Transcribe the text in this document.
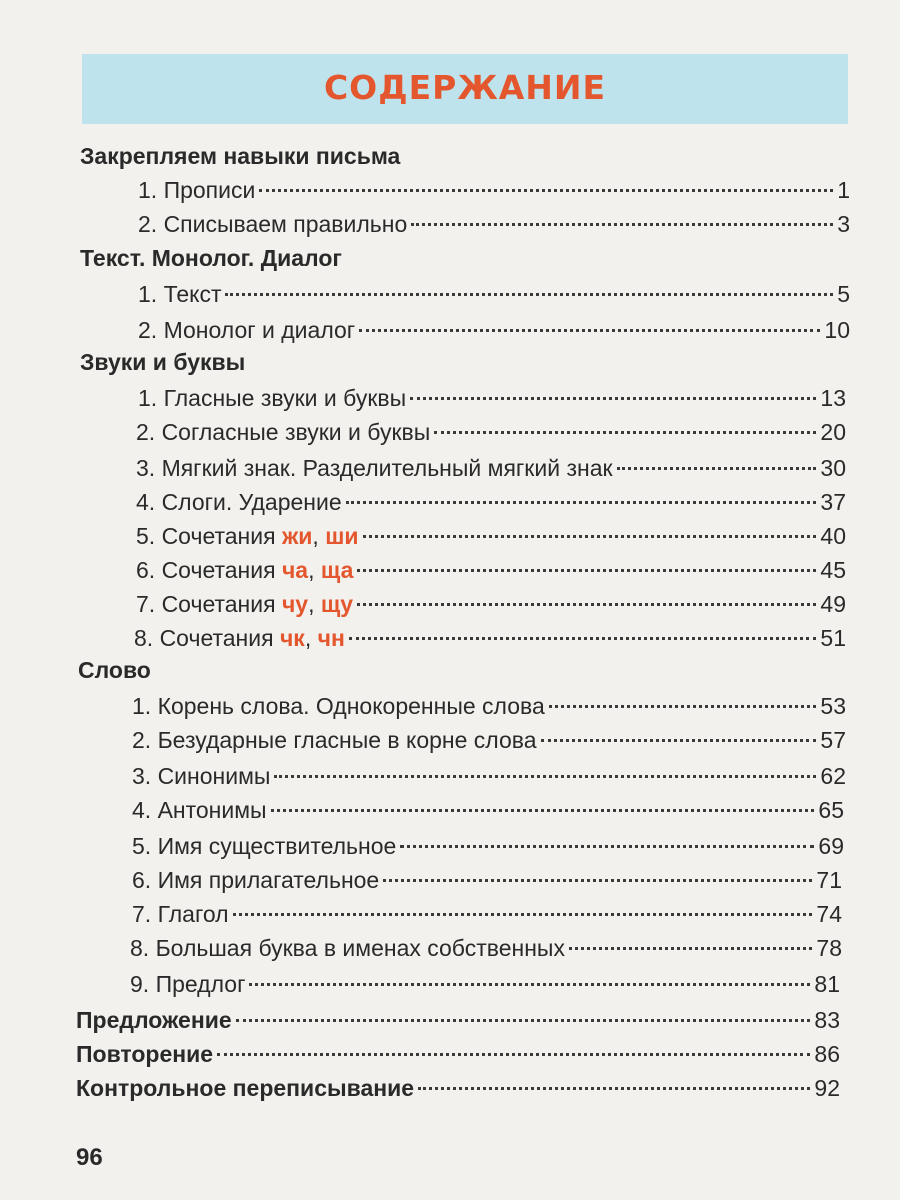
СОДЕРЖАНИЕ
Закрепляем навыки письма
1. Прописи	1
2. Списываем правильно	3
Текст. Монолог. Диалог
1. Текст	5
2. Монолог и диалог	10
Звуки и буквы
1. Гласные звуки и буквы	13
2. Согласные звуки и буквы	20
3. Мягкий знак. Разделительный мягкий знак	30
4. Слоги. Ударение	37
5. Сочетания жи, ши	40
6. Сочетания ча, ща	45
7. Сочетания чу, щу	49
8. Сочетания чк, чн	51
Слово
1. Корень слова. Однокоренные слова	53
2. Безударные гласные в корне слова	57
3. Синонимы	62
4. Антонимы	65
5. Имя существительное	69
6. Имя прилагательное	71
7. Глагол	74
8. Большая буква в именах собственных	78
9. Предлог	81
Предложение	83
Повторение	86
Контрольное переписывание	92
96
